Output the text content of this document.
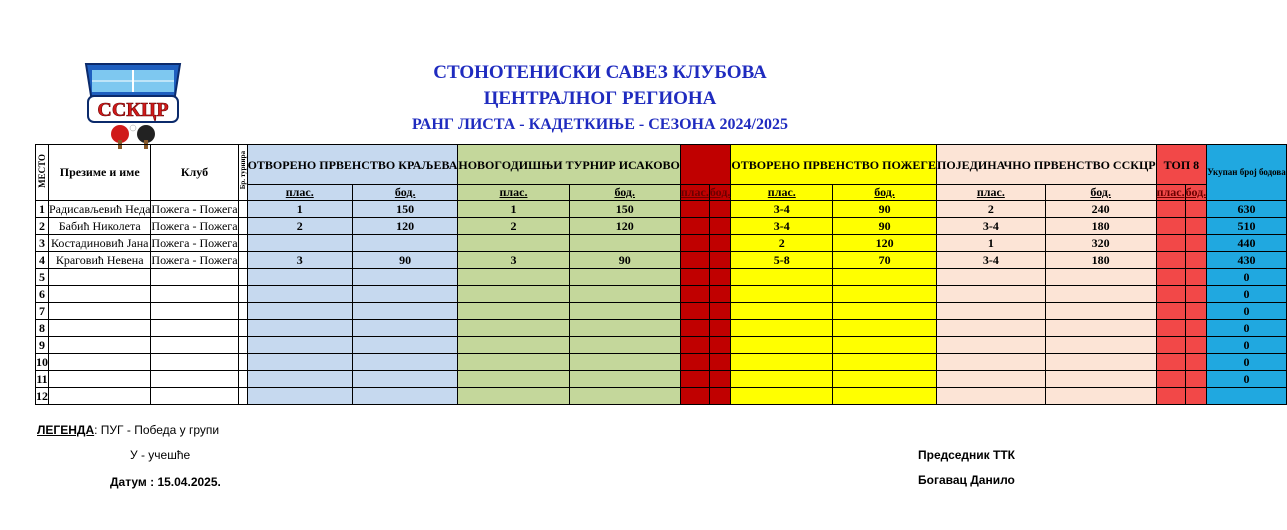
ССКЦР
СТОНОТЕНИСКИ САВЕЗ КЛУБОВА
ЦЕНТРАЛНОГ РЕГИОНА
РАНГ ЛИСТА - КАДЕТКИЊЕ - СЕЗОНА 2024/2025
МЕСТО	Презиме и име	Клуб	Бр. турнира	ОТВОРЕНО ПРВЕНСТВО КРАЉЕВА		НОВОГОДИШЊИ ТУРНИР ИСАКОВО				ОТВОРЕНО ПРВЕНСТВО ПОЖЕГЕ		ПОЈЕДИНАЧНО ПРВЕНСТВО ССКЦР		ТОП 8		Укупан број бодова
				плас.	бод.	плас.	бод.	плас.	бод.	плас.	бод.	плас.	бод.	плас.	бод.	
1	Радисављевић Неда	Пожега - Пожега		1	150	1	150			3-4	90	2	240			630
2	Бабић Николета	Пожега - Пожега		2	120	2	120			3-4	90	3-4	180			510
3	Костадиновић Јана	Пожега - Пожега								2	120	1	320			440
4	Краговић Невена	Пожега - Пожега		3	90	3	90			5-8	70	3-4	180			430
5																0
6																0
7																0
8																0
9																0
10																0
11																0
12																
ЛЕГЕНДА: ПУГ - Победа у групи
У - учешће
Датум : 15.04.2025.
Председник ТТК
Богавац Данило
